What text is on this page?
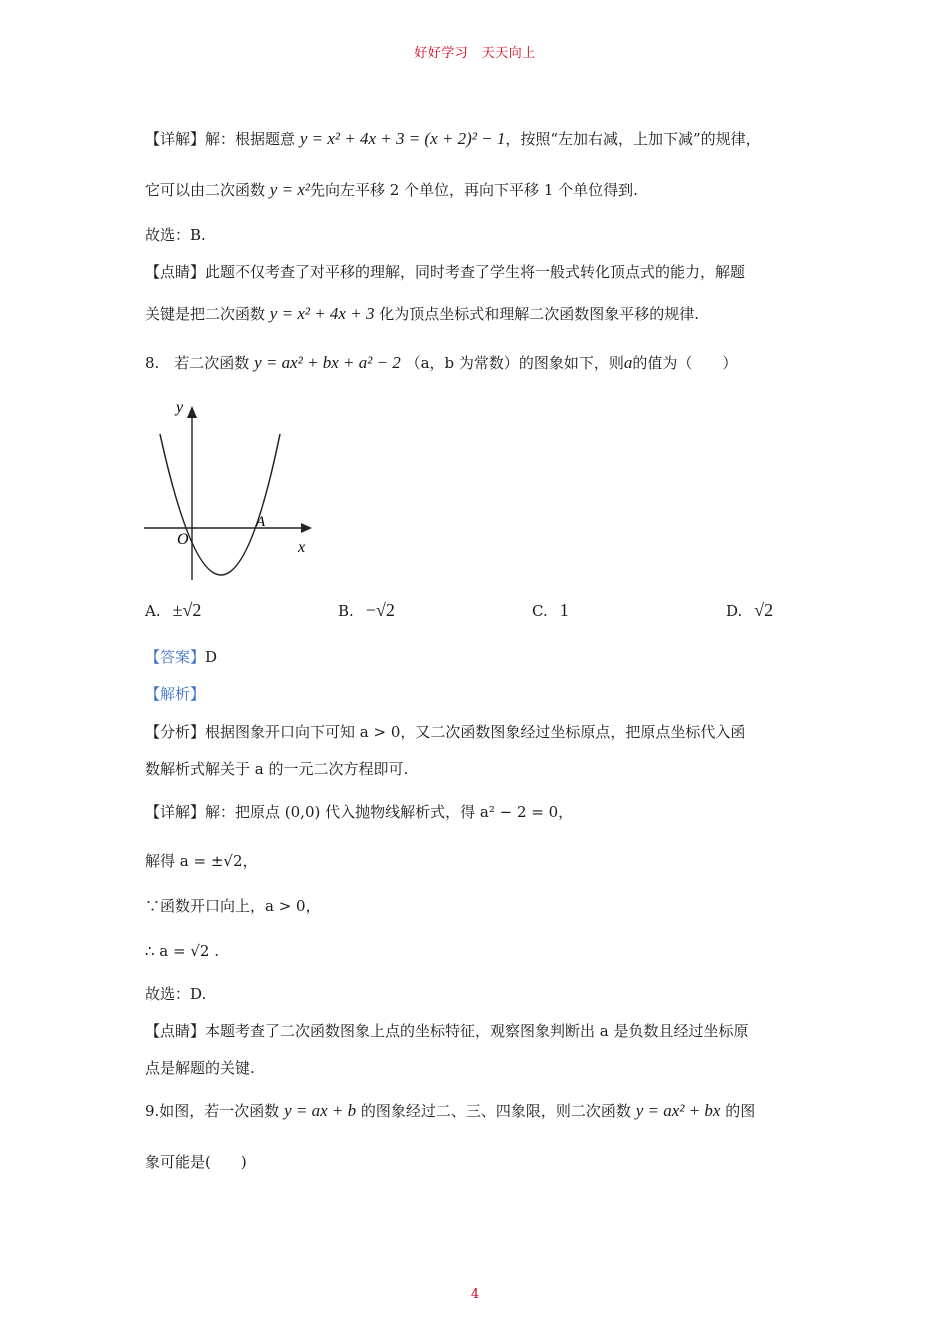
好好学习　天天向上
【详解】解：根据题意 y = x² + 4x + 3 = (x + 2)² − 1，按照“左加右减，上加下减”的规律，
它可以由二次函数 y = x²先向左平移 2 个单位，再向下平移 1 个单位得到.
故选：B.
【点睛】此题不仅考查了对平移的理解，同时考查了学生将一般式转化顶点式的能力，解题
关键是把二次函数 y = x² + 4x + 3 化为顶点坐标式和理解二次函数图象平移的规律.
8.　若二次函数 y = ax² + bx + a² − 2 （a，b 为常数）的图象如下，则a的值为（　　）
y
x
O
A
A. ±√2	B. −√2	C. 1	D. √2
【答案】D
【解析】
【分析】根据图象开口向下可知 a > 0，又二次函数图象经过坐标原点，把原点坐标代入函
数解析式解关于 a 的一元二次方程即可.
【详解】解：把原点 (0,0) 代入抛物线解析式，得 a² − 2 = 0，
解得 a = ±√2，
∵函数开口向上，a > 0，
∴ a = √2 .
故选：D.
【点睛】本题考查了二次函数图象上点的坐标特征，观察图象判断出 a 是负数且经过坐标原
点是解题的关键.
9.如图，若一次函数 y = ax + b 的图象经过二、三、四象限，则二次函数 y = ax² + bx 的图
象可能是(　　)
4
